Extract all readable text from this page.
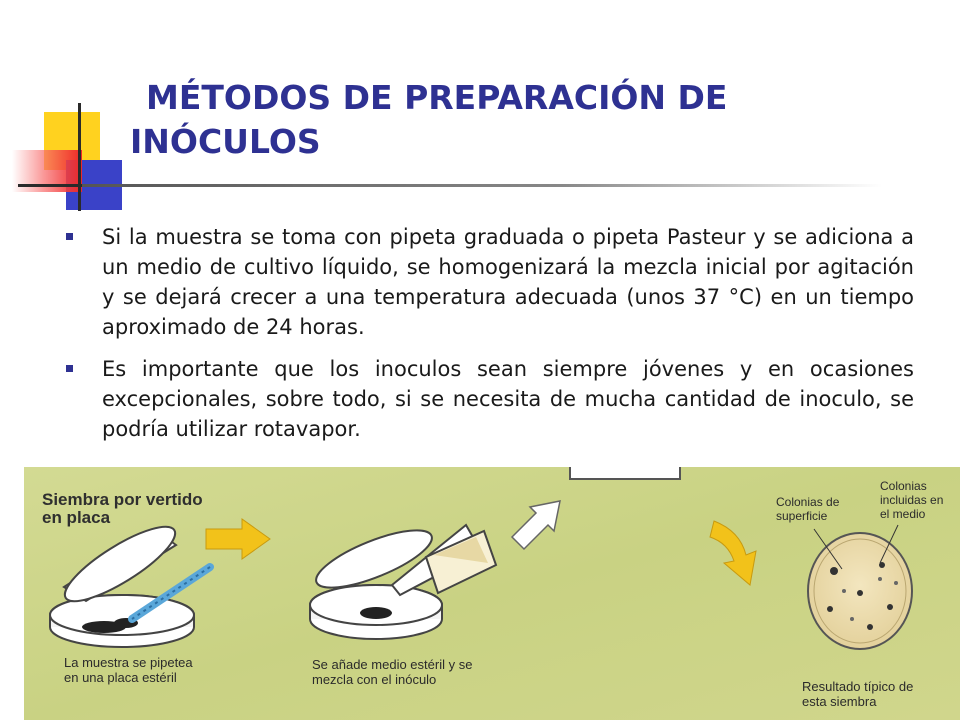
MÉTODOS DE PREPARACIÓN DE
INÓCULOS
Si la muestra se toma con pipeta graduada o pipeta Pasteur y se adiciona a un medio de cultivo líquido, se homogenizará la mezcla inicial por agitación y se dejará crecer a una temperatura adecuada (unos 37 °C) en un tiempo aproximado de 24 horas.
Es importante que los inoculos sean siempre jóvenes y en ocasiones excepcionales, sobre todo, si se necesita de mucha cantidad de inoculo, se podría utilizar rotavapor.
Siembra por vertido
en placa
La muestra se pipetea
en una placa estéril
Se añade medio estéril y se
mezcla con el inóculo	Resultado típico de
esta siembra
Colonias de
superficie
Colonias
incluidas en
el medio
